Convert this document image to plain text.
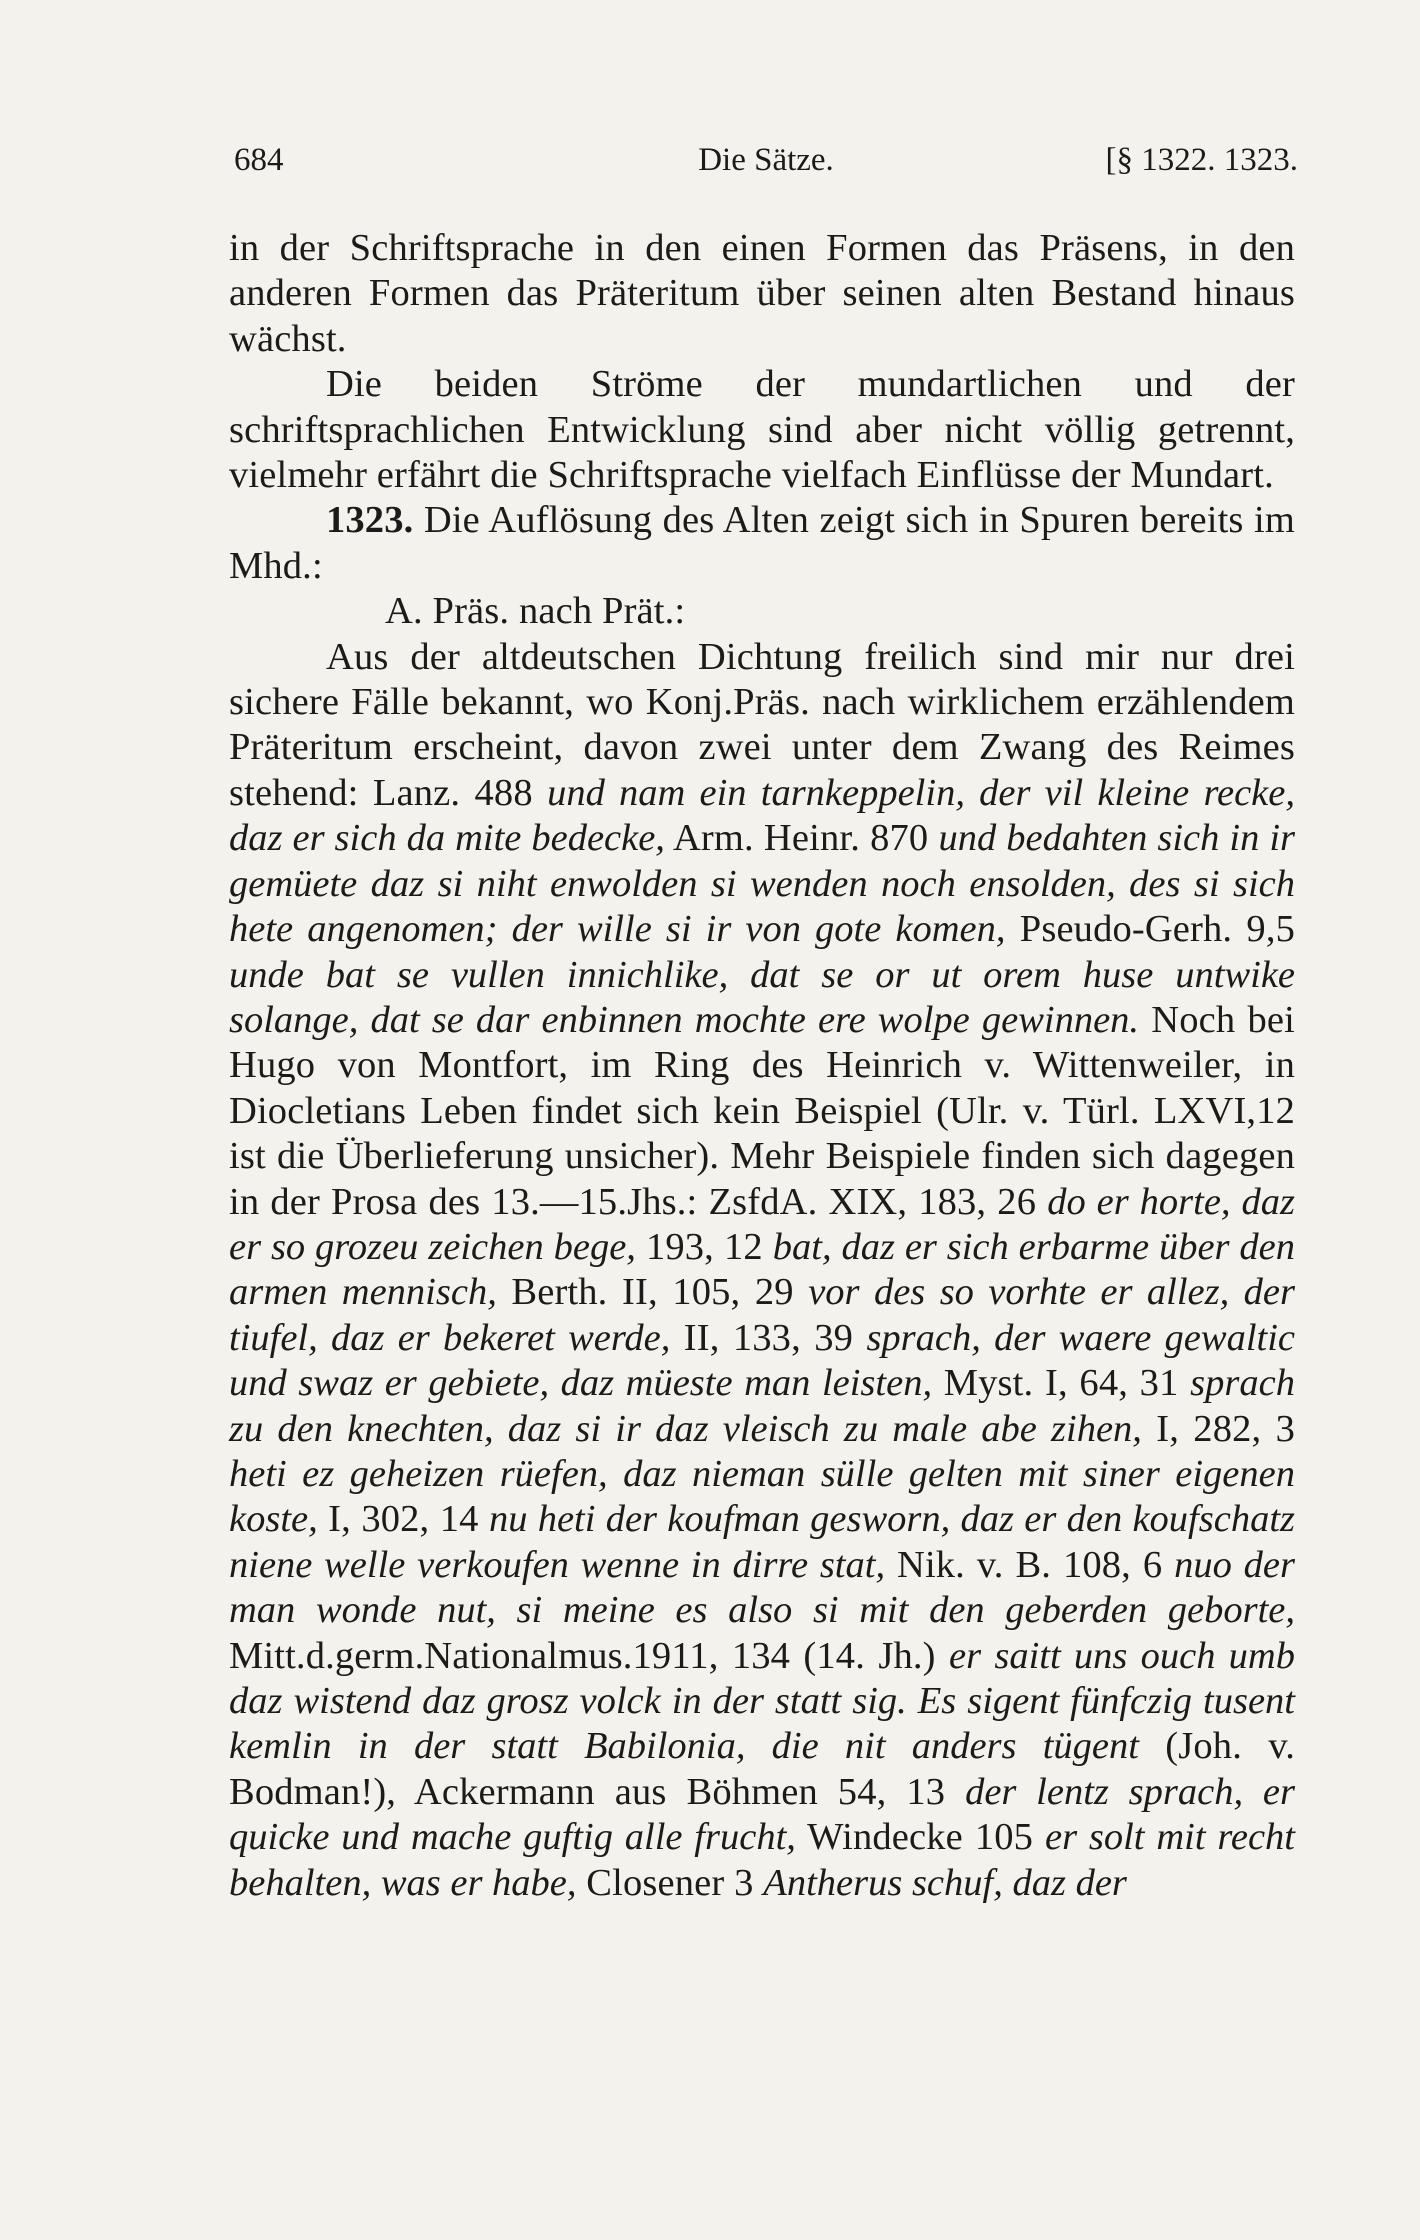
684	Die Sätze.	[§ 1322. 1323.

in der Schriftsprache in den einen Formen das Präsens, in den anderen Formen das Präteritum über seinen alten Bestand hinaus wächst.

Die beiden Ströme der mundartlichen und der schriftsprachlichen Entwicklung sind aber nicht völlig getrennt, vielmehr erfährt die Schriftsprache vielfach Einflüsse der Mundart.

1323. Die Auflösung des Alten zeigt sich in Spuren bereits im Mhd.:

A. Präs. nach Prät.:

Aus der altdeutschen Dichtung freilich sind mir nur drei sichere Fälle bekannt, wo Konj.Präs. nach wirklichem erzählendem Präteritum erscheint, davon zwei unter dem Zwang des Reimes stehend: Lanz. 488 und nam ein tarnkeppelin, der vil kleine recke, daz er sich da mite bedecke, Arm. Heinr. 870 und bedahten sich in ir gemüete daz si niht enwolden si wenden noch ensolden, des si sich hete angenomen; der wille si ir von gote komen, Pseudo-Gerh. 9,5 unde bat se vullen innichlike, dat se or ut orem huse untwike solange, dat se dar enbinnen mochte ere wolpe gewinnen. Noch bei Hugo von Montfort, im Ring des Heinrich v. Wittenweiler, in Diocletians Leben findet sich kein Beispiel (Ulr. v. Türl. LXVI,12 ist die Überlieferung unsicher). Mehr Beispiele finden sich dagegen in der Prosa des 13.—15.Jhs.: ZsfdA. XIX, 183, 26 do er horte, daz er so grozeu zeichen bege, 193, 12 bat, daz er sich erbarme über den armen mennisch, Berth. II, 105, 29 vor des so vorhte er allez, der tiufel, daz er bekeret werde, II, 133, 39 sprach, der waere gewaltic und swaz er gebiete, daz müeste man leisten, Myst. I, 64, 31 sprach zu den knechten, daz si ir daz vleisch zu male abe zihen, I, 282, 3 heti ez geheizen rüefen, daz nieman sülle gelten mit siner eigenen koste, I, 302, 14 nu heti der koufman gesworn, daz er den koufschatz niene welle verkoufen wenne in dirre stat, Nik. v. B. 108, 6 nuo der man wonde nut, si meine es also si mit den geberden geborte, Mitt.d.germ.Nationalmus.1911, 134 (14. Jh.) er saitt uns ouch umb daz wistend daz grosz volck in der statt sig. Es sigent fünfczig tusent kemlin in der statt Babilonia, die nit anders tügent (Joh. v. Bodman!), Ackermann aus Böhmen 54, 13 der lentz sprach, er quicke und mache guftig alle frucht, Windecke 105 er solt mit recht behalten, was er habe, Closener 3 Antherus schuf, daz der
